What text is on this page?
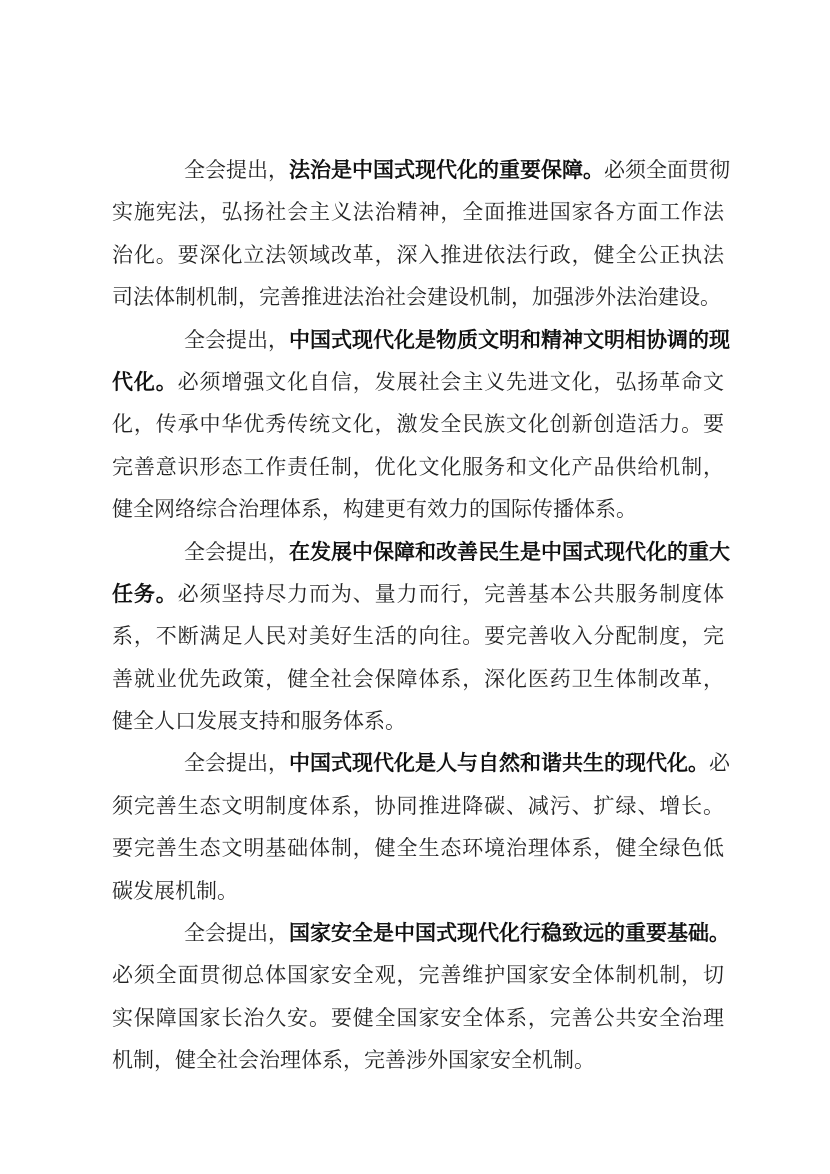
全会提出，法治是中国式现代化的重要保障。必须全面贯彻
实施宪法，弘扬社会主义法治精神，全面推进国家各方面工作法
治化。要深化立法领域改革，深入推进依法行政，健全公正执法
司法体制机制，完善推进法治社会建设机制，加强涉外法治建设。
全会提出，中国式现代化是物质文明和精神文明相协调的现
代化。必须增强文化自信，发展社会主义先进文化，弘扬革命文
化，传承中华优秀传统文化，激发全民族文化创新创造活力。要
完善意识形态工作责任制，优化文化服务和文化产品供给机制，
健全网络综合治理体系，构建更有效力的国际传播体系。
全会提出，在发展中保障和改善民生是中国式现代化的重大
任务。必须坚持尽力而为、量力而行，完善基本公共服务制度体
系，不断满足人民对美好生活的向往。要完善收入分配制度，完
善就业优先政策，健全社会保障体系，深化医药卫生体制改革，
健全人口发展支持和服务体系。
全会提出，中国式现代化是人与自然和谐共生的现代化。必
须完善生态文明制度体系，协同推进降碳、减污、扩绿、增长。
要完善生态文明基础体制，健全生态环境治理体系，健全绿色低
碳发展机制。
全会提出，国家安全是中国式现代化行稳致远的重要基础。
必须全面贯彻总体国家安全观，完善维护国家安全体制机制，切
实保障国家长治久安。要健全国家安全体系，完善公共安全治理
机制，健全社会治理体系，完善涉外国家安全机制。
